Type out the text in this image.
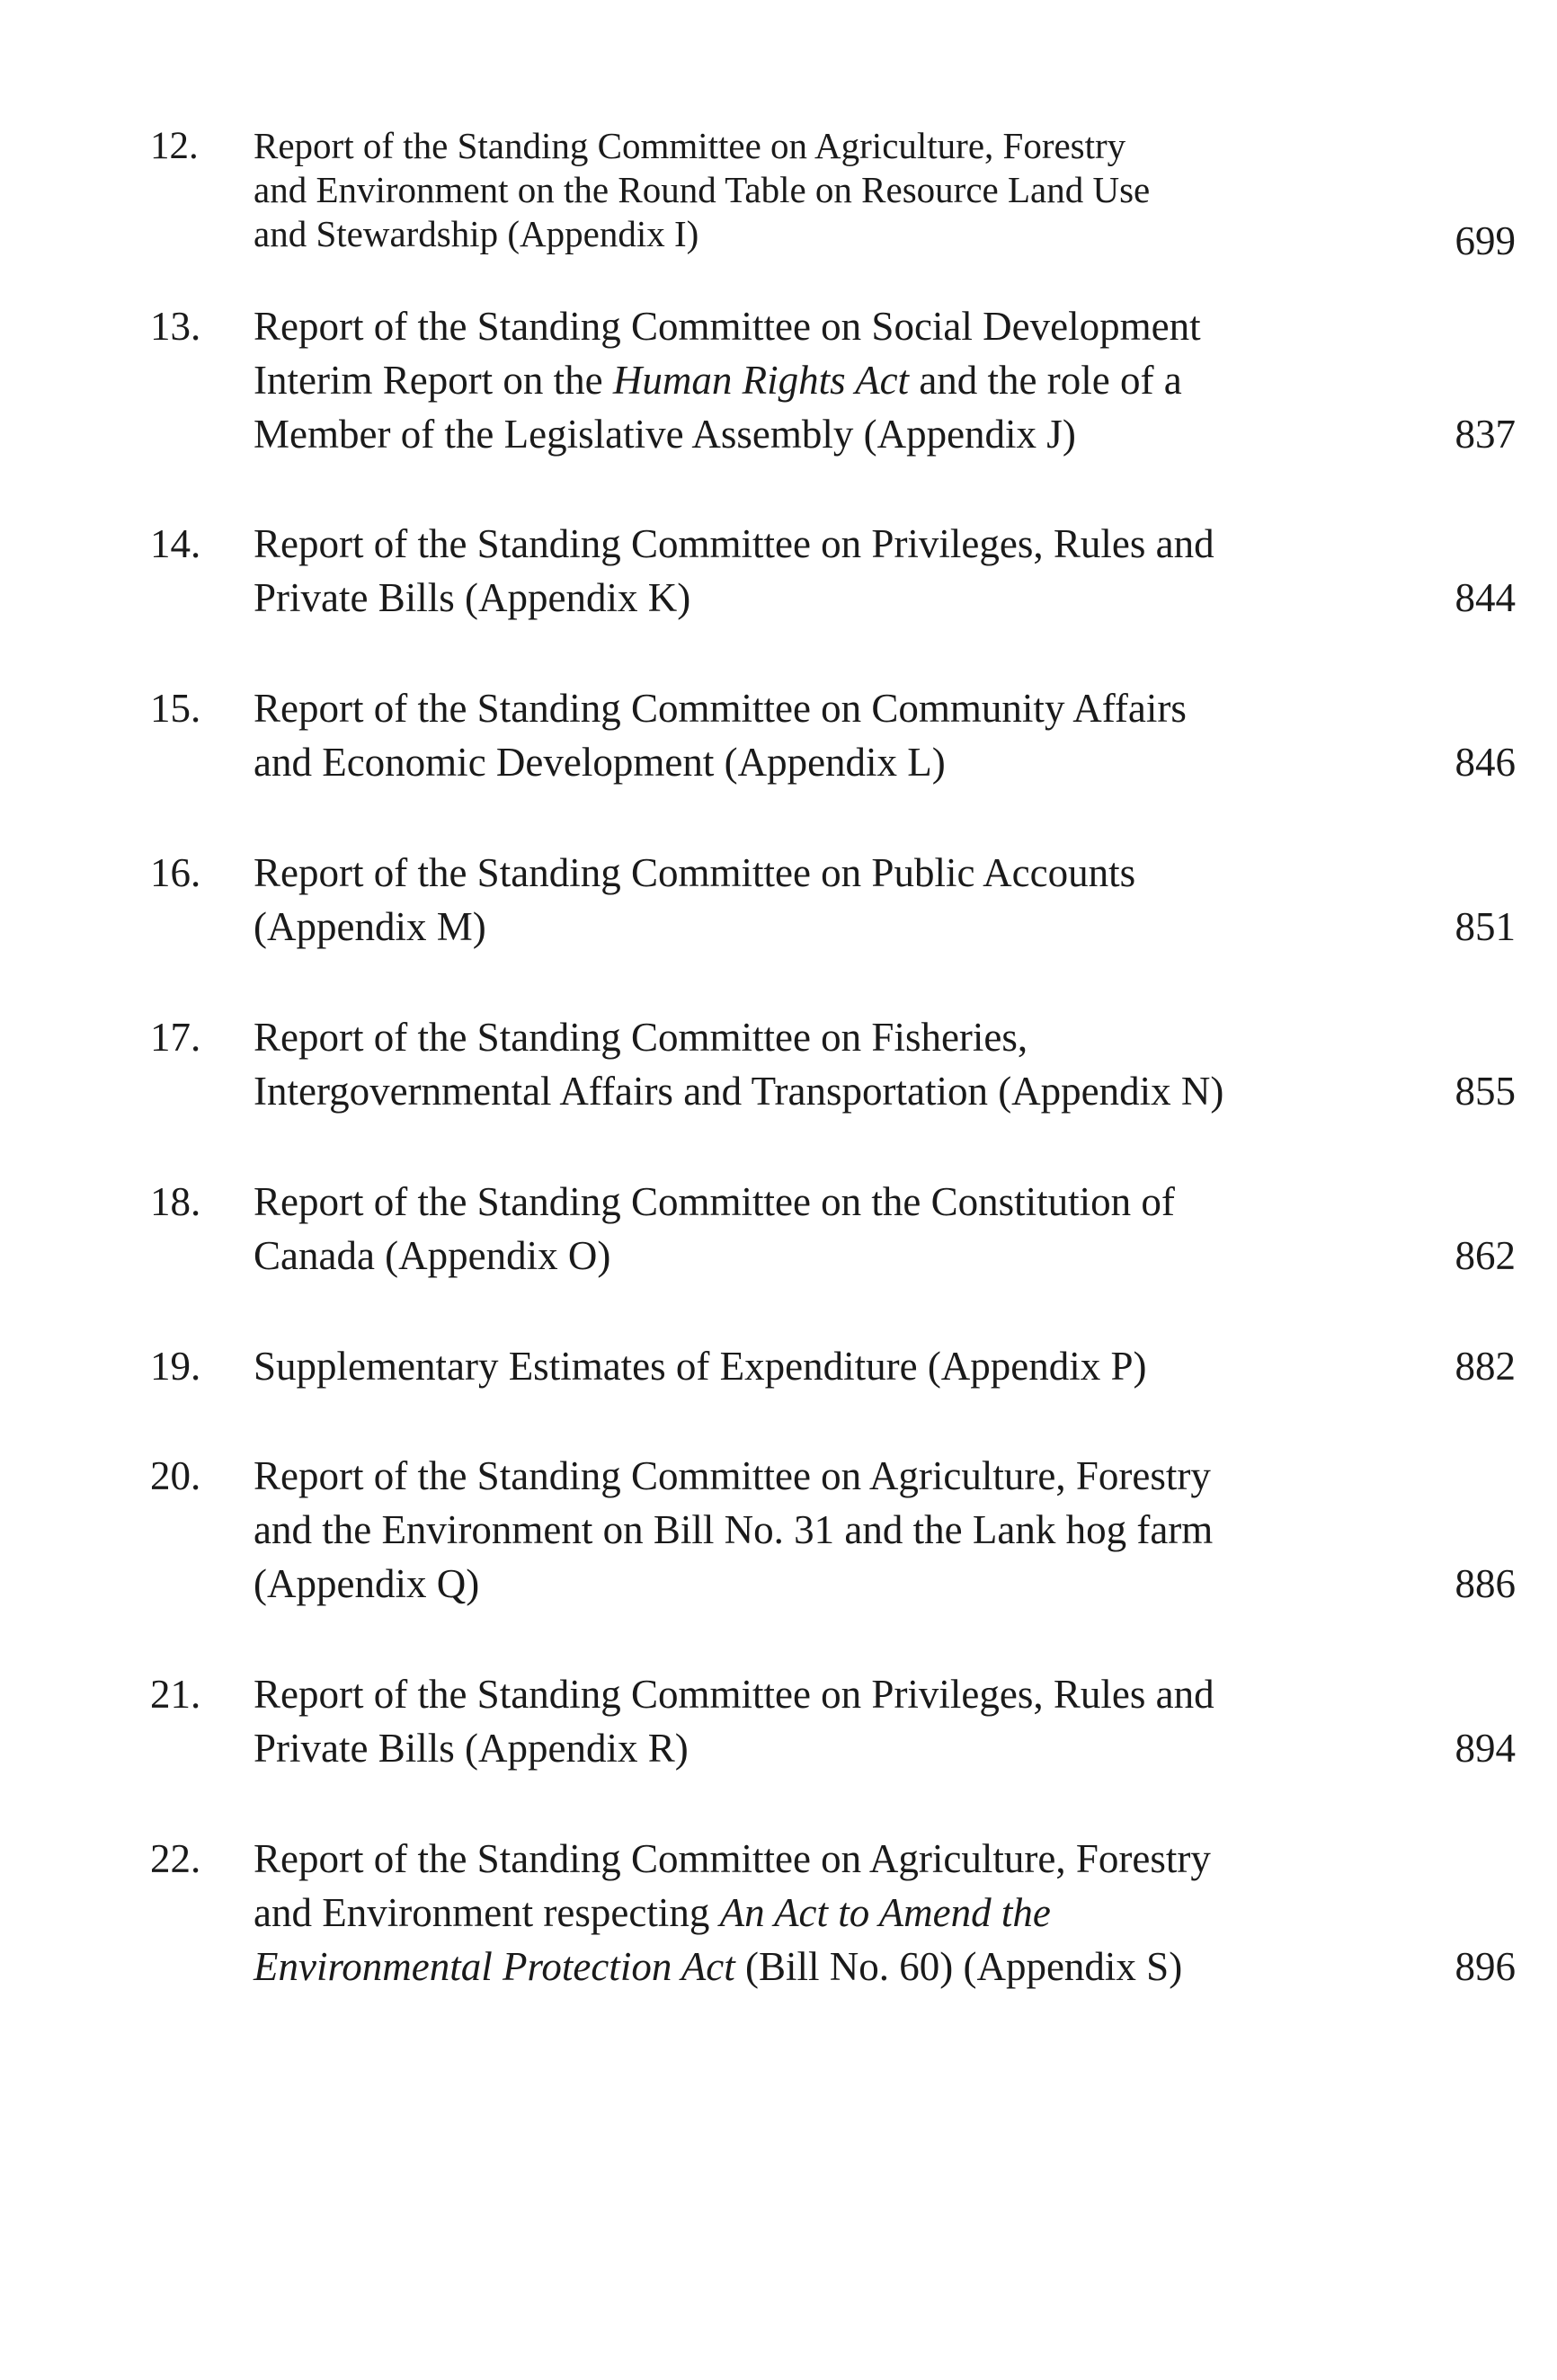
12. Report of the Standing Committee on Agriculture, Forestry
and Environment on the Round Table on Resource Land Use
and Stewardship (Appendix I)	699
13. Report of the Standing Committee on Social Development
Interim Report on the Human Rights Act and the role of a
Member of the Legislative Assembly (Appendix J)	837
14. Report of the Standing Committee on Privileges, Rules and
Private Bills (Appendix K)	844
15. Report of the Standing Committee on Community Affairs
and Economic Development (Appendix L)	846
16. Report of the Standing Committee on Public Accounts
(Appendix M)	851
17. Report of the Standing Committee on Fisheries,
Intergovernmental Affairs and Transportation (Appendix N)	855
18. Report of the Standing Committee on the Constitution of
Canada (Appendix O)	862
19. Supplementary Estimates of Expenditure (Appendix P)	882
20. Report of the Standing Committee on Agriculture, Forestry
and the Environment on Bill No. 31 and the Lank hog farm
(Appendix Q)	886
21. Report of the Standing Committee on Privileges, Rules and
Private Bills (Appendix R)	894
22. Report of the Standing Committee on Agriculture, Forestry
and Environment respecting An Act to Amend the
Environmental Protection Act (Bill No. 60) (Appendix S)	896
